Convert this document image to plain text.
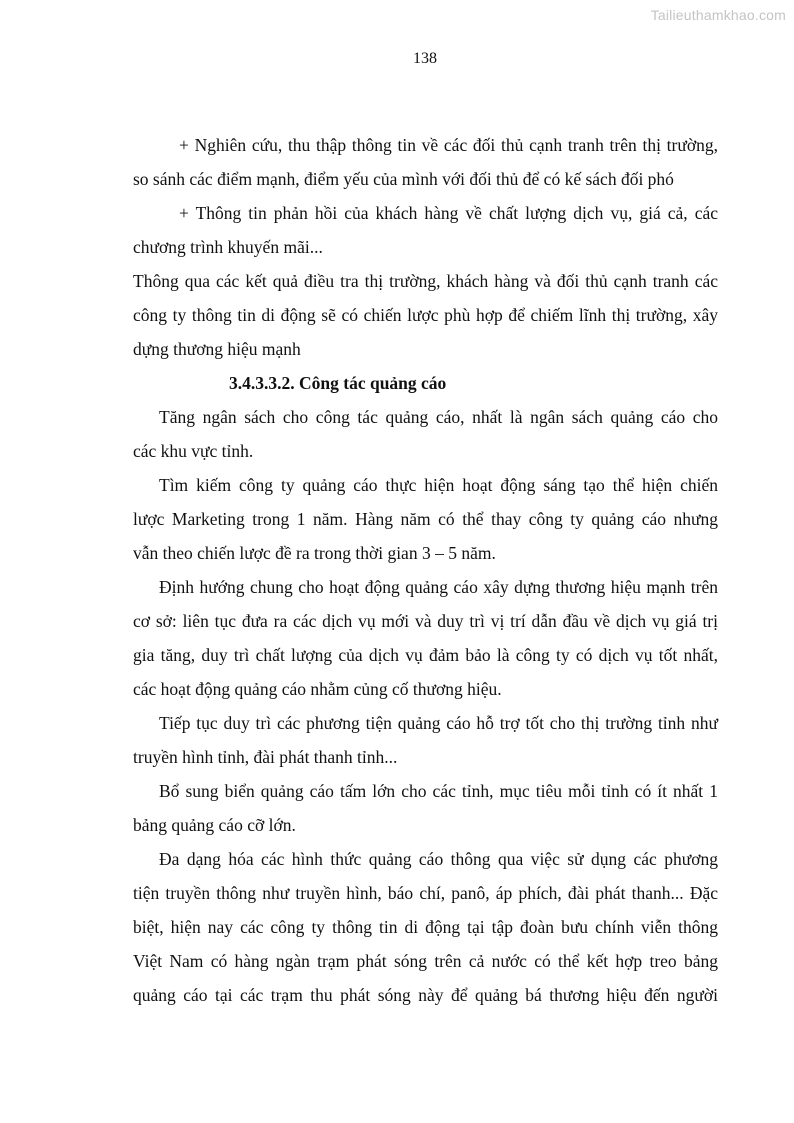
Tailieuthamkhao.com
138
+ Nghiên cứu, thu thập thông tin về các đối thủ cạnh tranh trên thị trường,
so sánh các điểm mạnh, điểm yếu của mình với đối thủ để có kế sách đối phó
+ Thông tin phản hồi của khách hàng về chất lượng dịch vụ, giá cả, các
chương trình khuyến mãi...
Thông qua các kết quả điều tra thị trường, khách hàng và đối thủ cạnh tranh các
công ty thông tin di động sẽ có chiến lược phù hợp để chiếm lĩnh thị trường, xây
dựng thương hiệu mạnh
3.4.3.3.2. Công tác quảng cáo
Tăng ngân sách cho công tác quảng cáo, nhất là ngân sách quảng cáo cho
các khu vực tỉnh.
Tìm kiếm công ty quảng cáo thực hiện hoạt động sáng tạo thể hiện chiến
lược Marketing trong 1 năm. Hàng năm có thể thay công ty quảng cáo nhưng
vẫn theo chiến lược đề ra trong thời gian 3 – 5 năm.
Định hướng chung cho hoạt động quảng cáo xây dựng thương hiệu mạnh trên
cơ sở: liên tục đưa ra các dịch vụ mới và duy trì vị trí dẫn đầu về dịch vụ giá trị
gia tăng, duy trì chất lượng của dịch vụ đảm bảo là công ty có dịch vụ tốt nhất,
các hoạt động quảng cáo nhằm củng cố thương hiệu.
Tiếp tục duy trì các phương tiện quảng cáo hỗ trợ tốt cho thị trường tỉnh như
truyền hình tỉnh, đài phát thanh tỉnh...
Bổ sung biển quảng cáo tấm lớn cho các tỉnh, mục tiêu mỗi tỉnh có ít nhất 1
bảng quảng cáo cỡ lớn.
Đa dạng hóa các hình thức quảng cáo thông qua việc sử dụng các phương
tiện truyền thông như truyền hình, báo chí, panô, áp phích, đài phát thanh... Đặc
biệt, hiện nay các công ty thông tin di động tại tập đoàn bưu chính viễn thông
Việt Nam có hàng ngàn trạm phát sóng trên cả nước có thể kết hợp treo bảng
quảng cáo tại các trạm thu phát sóng này để quảng bá thương hiệu đến người
